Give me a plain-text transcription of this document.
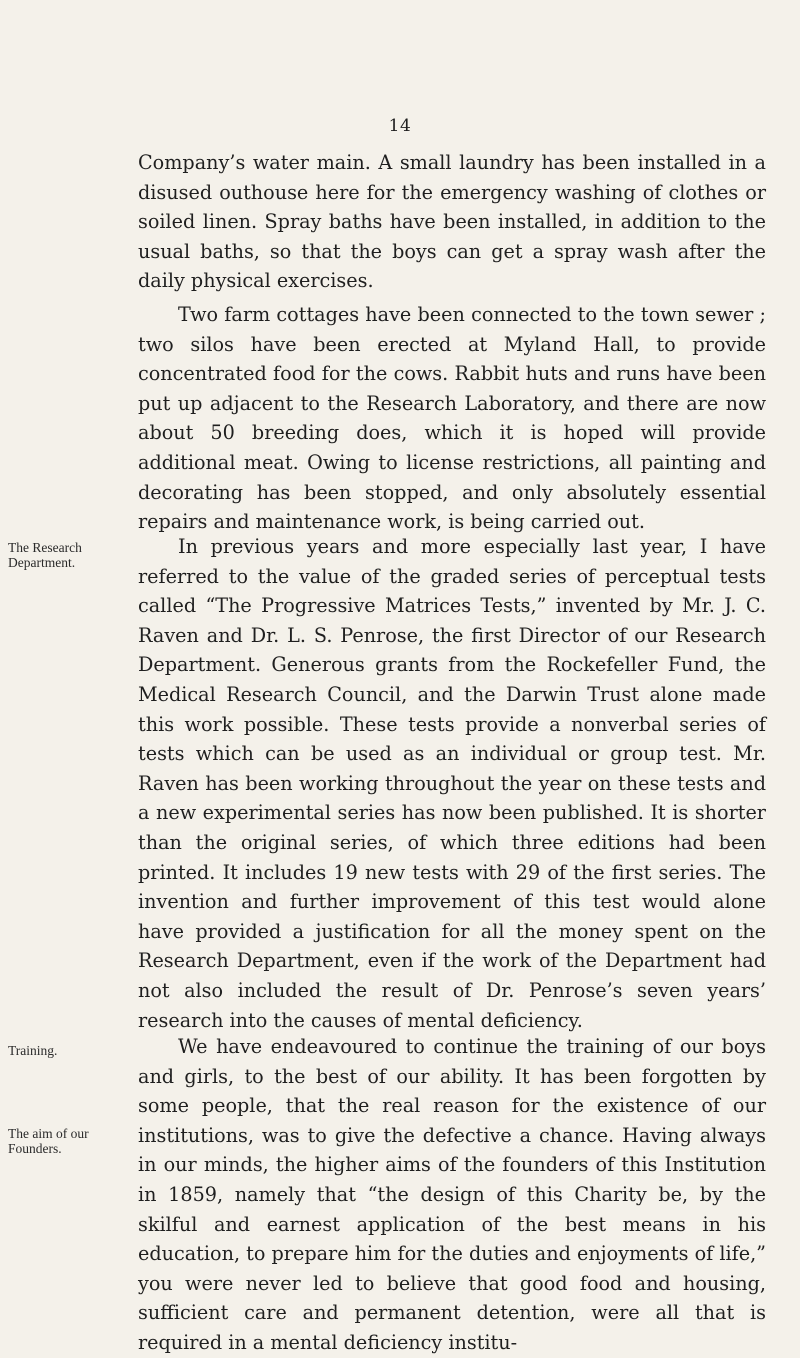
14

Company’s water main. A small laundry has been installed in a disused outhouse here for the emergency washing of clothes or soiled linen. Spray baths have been installed, in addition to the usual baths, so that the boys can get a spray wash after the daily physical exercises.

Two farm cottages have been connected to the town sewer ; two silos have been erected at Myland Hall, to provide concentrated food for the cows. Rabbit huts and runs have been put up adjacent to the Research Laboratory, and there are now about 50 breeding does, which it is hoped will provide additional meat. Owing to license restrictions, all painting and decorating has been stopped, and only absolutely essential repairs and maintenance work, is being carried out.

The Research Department.

In previous years and more especially last year, I have referred to the value of the graded series of perceptual tests called “The Progressive Matrices Tests,” invented by Mr. J. C. Raven and Dr. L. S. Penrose, the first Director of our Research Department. Generous grants from the Rockefeller Fund, the Medical Research Council, and the Darwin Trust alone made this work possible. These tests provide a nonverbal series of tests which can be used as an individual or group test. Mr. Raven has been working throughout the year on these tests and a new experimental series has now been published. It is shorter than the original series, of which three editions had been printed. It includes 19 new tests with 29 of the first series. The invention and further improvement of this test would alone have provided a justification for all the money spent on the Research Department, even if the work of the Department had not also included the result of Dr. Penrose’s seven years’ research into the causes of mental deficiency.

Training.	We have endeavoured to continue the training of our boys and girls, to the best of our ability. It has been forgotten by some people, that the real reason for the existence of our institutions, was to give the defective a chance. Having always in our minds, the higher aims of the founders of this Institution in 1859, namely that “the design of this Charity be, by the skilful and earnest application of the best means in his education, to prepare him for the duties and enjoyments of life,” you were never led to believe that good food and housing, sufficient care and permanent detention, were all that is required in a mental deficiency institu-

The aim of our Founders.
